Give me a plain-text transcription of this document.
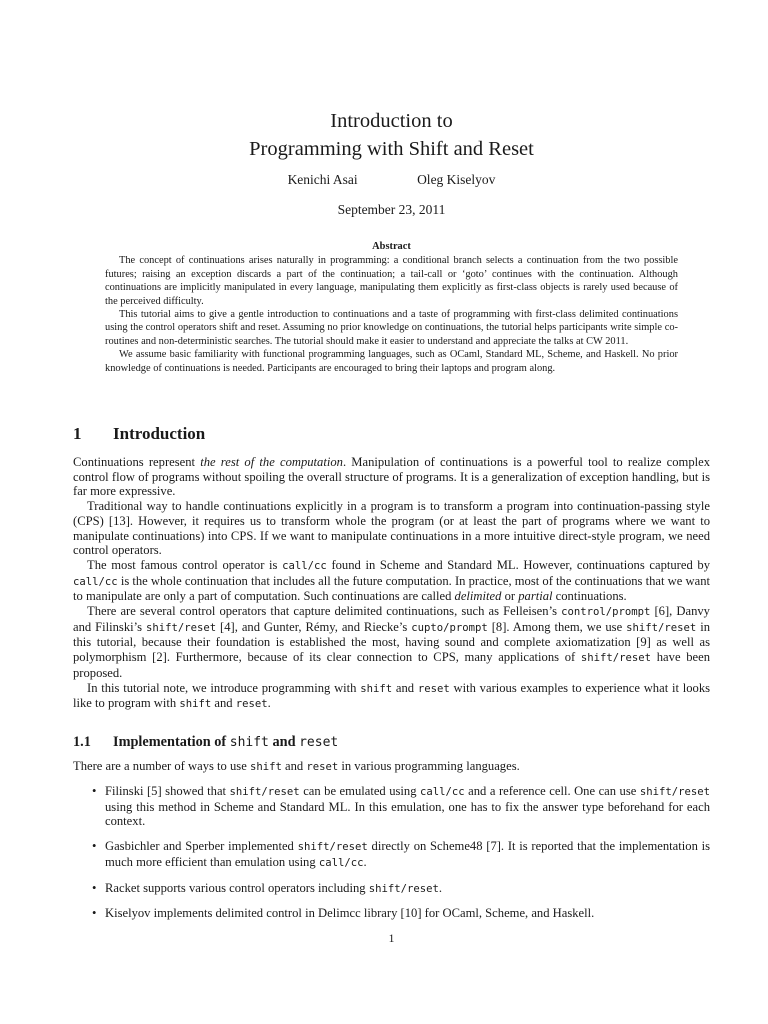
Introduction to
Programming with Shift and Reset
Kenichi Asai	Oleg Kiselyov
September 23, 2011
Abstract

The concept of continuations arises naturally in programming: a conditional branch selects a continuation from the two possible futures; raising an exception discards a part of the continuation; a tail-call or ‘goto’ continues with the continuation. Although continuations are implicitly manipulated in every language, manipulating them explicitly as first-class objects is rarely used because of the perceived difficulty.

This tutorial aims to give a gentle introduction to continuations and a taste of programming with first-class delimited continuations using the control operators shift and reset. Assuming no prior knowledge on continuations, the tutorial helps participants write simple co-routines and non-deterministic searches. The tutorial should make it easier to understand and appreciate the talks at CW 2011.

We assume basic familiarity with functional programming languages, such as OCaml, Standard ML, Scheme, and Haskell. No prior knowledge of continuations is needed. Participants are encouraged to bring their laptops and program along.

1 Introduction

Continuations represent the rest of the computation. Manipulation of continuations is a powerful tool to realize complex control flow of programs without spoiling the overall structure of programs. It is a generalization of exception handling, but is far more expressive.

Traditional way to handle continuations explicitly in a program is to transform a program into continuation-passing style (CPS) [13]. However, it requires us to transform whole the program (or at least the part of programs where we want to manipulate continuations) into CPS. If we want to manipulate continuations in a more intuitive direct-style program, we need control operators.

The most famous control operator is call/cc found in Scheme and Standard ML. However, continuations captured by call/cc is the whole continuation that includes all the future computation. In practice, most of the continuations that we want to manipulate are only a part of computation. Such continuations are called delimited or partial continuations.

There are several control operators that capture delimited continuations, such as Felleisen’s control/prompt [6], Danvy and Filinski’s shift/reset [4], and Gunter, Rémy, and Riecke’s cupto/prompt [8]. Among them, we use shift/reset in this tutorial, because their foundation is established the most, having sound and complete axiomatization [9] as well as polymorphism [2]. Furthermore, because of its clear connection to CPS, many applications of shift/reset have been proposed.

In this tutorial note, we introduce programming with shift and reset with various examples to experience what it looks like to program with shift and reset.

1.1 Implementation of shift and reset

There are a number of ways to use shift and reset in various programming languages.

• Filinski [5] showed that shift/reset can be emulated using call/cc and a reference cell. One can use shift/reset using this method in Scheme and Standard ML. In this emulation, one has to fix the answer type beforehand for each context.
• Gasbichler and Sperber implemented shift/reset directly on Scheme48 [7]. It is reported that the implementation is much more efficient than emulation using call/cc.
• Racket supports various control operators including shift/reset.
• Kiselyov implements delimited control in Delimcc library [10] for OCaml, Scheme, and Haskell.
1
